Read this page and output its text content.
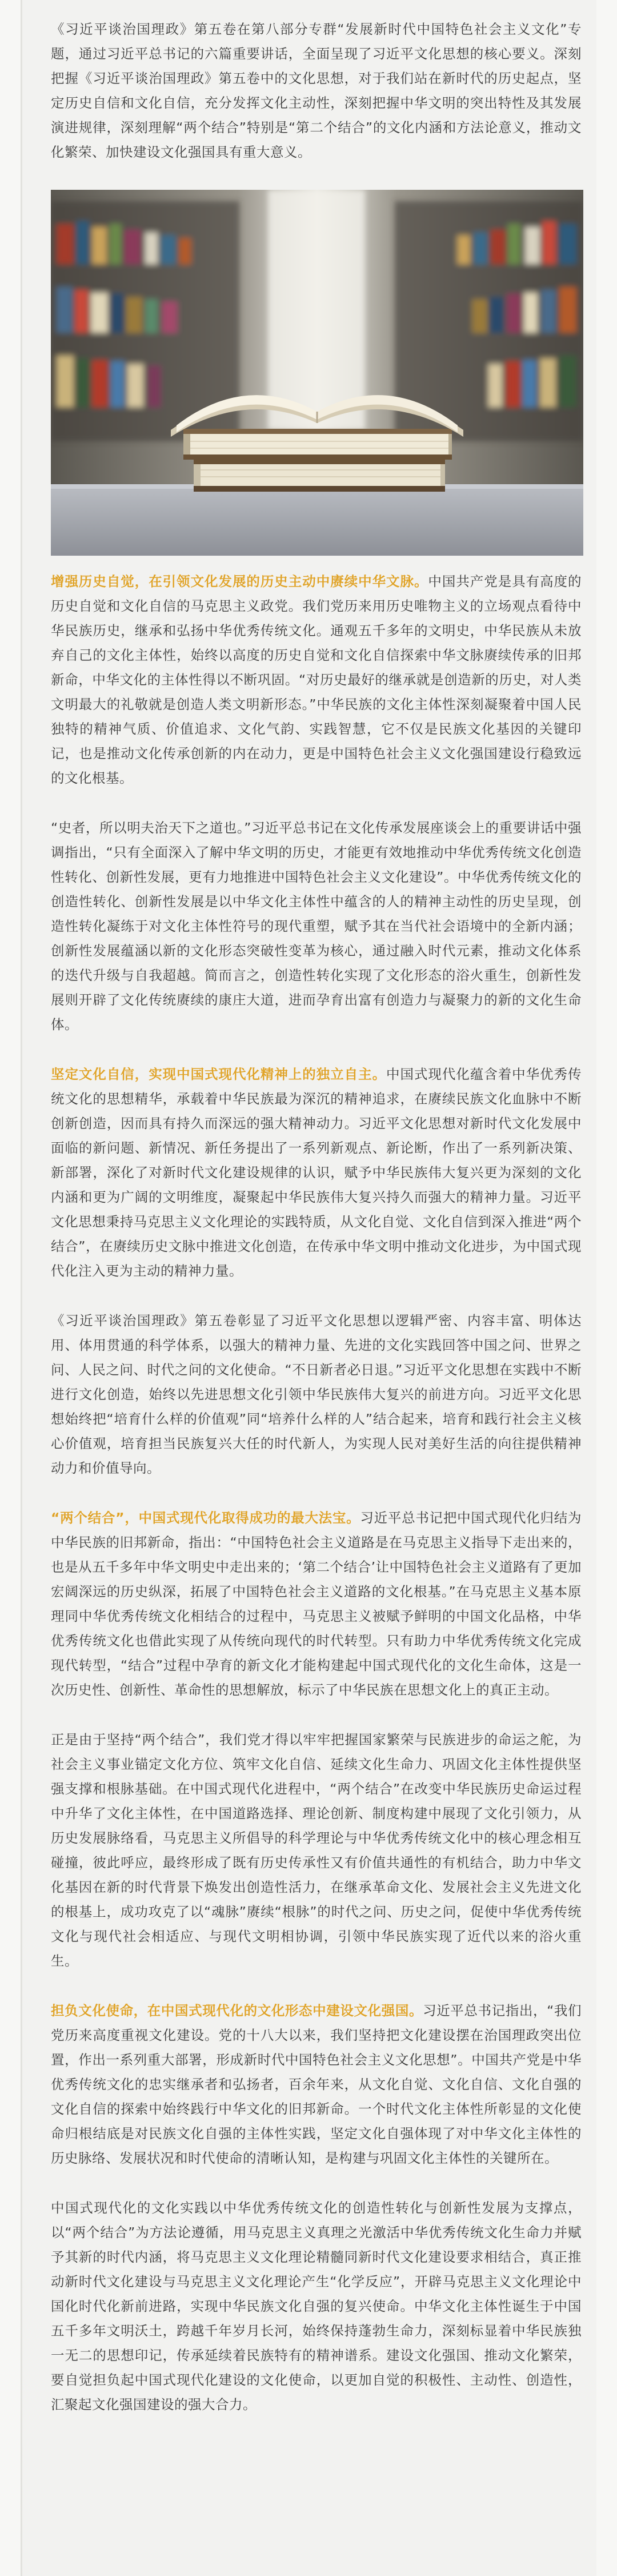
《习近平谈治国理政》第五卷在第八部分专群“发展新时代中国特色社会主义文化”专题，通过习近平总书记的六篇重要讲话，全面呈现了习近平文化思想的核心要义。深刻把握《习近平谈治国理政》第五卷中的文化思想，对于我们站在新时代的历史起点，坚定历史自信和文化自信，充分发挥文化主动性，深刻把握中华文明的突出特性及其发展演进规律，深刻理解“两个结合”特别是“第二个结合”的文化内涵和方法论意义，推动文化繁荣、加快建设文化强国具有重大意义。

增强历史自觉，在引领文化发展的历史主动中赓续中华文脉。中国共产党是具有高度的历史自觉和文化自信的马克思主义政党。我们党历来用历史唯物主义的立场观点看待中华民族历史，继承和弘扬中华优秀传统文化。通观五千多年的文明史，中华民族从未放弃自己的文化主体性，始终以高度的历史自觉和文化自信探索中华文脉赓续传承的旧邦新命，中华文化的主体性得以不断巩固。“对历史最好的继承就是创造新的历史，对人类文明最大的礼敬就是创造人类文明新形态。”中华民族的文化主体性深刻凝聚着中国人民独特的精神气质、价值追求、文化气韵、实践智慧，它不仅是民族文化基因的关键印记，也是推动文化传承创新的内在动力，更是中国特色社会主义文化强国建设行稳致远的文化根基。

“史者，所以明夫治天下之道也。”习近平总书记在文化传承发展座谈会上的重要讲话中强调指出，“只有全面深入了解中华文明的历史，才能更有效地推动中华优秀传统文化创造性转化、创新性发展，更有力地推进中国特色社会主义文化建设”。中华优秀传统文化的创造性转化、创新性发展是以中华文化主体性中蕴含的人的精神主动性的历史呈现，创造性转化凝练于对文化主体性符号的现代重塑，赋予其在当代社会语境中的全新内涵；创新性发展蕴涵以新的文化形态突破性变革为核心，通过融入时代元素，推动文化体系的迭代升级与自我超越。简而言之，创造性转化实现了文化形态的浴火重生，创新性发展则开辟了文化传统赓续的康庄大道，进而孕育出富有创造力与凝聚力的新的文化生命体。

坚定文化自信，实现中国式现代化精神上的独立自主。中国式现代化蕴含着中华优秀传统文化的思想精华，承载着中华民族最为深沉的精神追求，在赓续民族文化血脉中不断创新创造，因而具有持久而深远的强大精神动力。习近平文化思想对新时代文化发展中面临的新问题、新情况、新任务提出了一系列新观点、新论断，作出了一系列新决策、新部署，深化了对新时代文化建设规律的认识，赋予中华民族伟大复兴更为深刻的文化内涵和更为广阔的文明维度，凝聚起中华民族伟大复兴持久而强大的精神力量。习近平文化思想秉持马克思主义文化理论的实践特质，从文化自觉、文化自信到深入推进“两个结合”，在赓续历史文脉中推进文化创造，在传承中华文明中推动文化进步，为中国式现代化注入更为主动的精神力量。

《习近平谈治国理政》第五卷彰显了习近平文化思想以逻辑严密、内容丰富、明体达用、体用贯通的科学体系，以强大的精神力量、先进的文化实践回答中国之问、世界之问、人民之问、时代之问的文化使命。“不日新者必日退。”习近平文化思想在实践中不断进行文化创造，始终以先进思想文化引领中华民族伟大复兴的前进方向。习近平文化思想始终把“培育什么样的价值观”同“培养什么样的人”结合起来，培育和践行社会主义核心价值观，培育担当民族复兴大任的时代新人，为实现人民对美好生活的向往提供精神动力和价值导向。

“两个结合”，中国式现代化取得成功的最大法宝。习近平总书记把中国式现代化归结为中华民族的旧邦新命，指出：“中国特色社会主义道路是在马克思主义指导下走出来的，也是从五千多年中华文明史中走出来的；‘第二个结合’让中国特色社会主义道路有了更加宏阔深远的历史纵深，拓展了中国特色社会主义道路的文化根基。”在马克思主义基本原理同中华优秀传统文化相结合的过程中，马克思主义被赋予鲜明的中国文化品格，中华优秀传统文化也借此实现了从传统向现代的时代转型。只有助力中华优秀传统文化完成现代转型，“结合”过程中孕育的新文化才能构建起中国式现代化的文化生命体，这是一次历史性、创新性、革命性的思想解放，标示了中华民族在思想文化上的真正主动。

正是由于坚持“两个结合”，我们党才得以牢牢把握国家繁荣与民族进步的命运之舵，为社会主义事业锚定文化方位、筑牢文化自信、延续文化生命力、巩固文化主体性提供坚强支撑和根脉基础。在中国式现代化进程中，“两个结合”在改变中华民族历史命运过程中升华了文化主体性，在中国道路选择、理论创新、制度构建中展现了文化引领力，从历史发展脉络看，马克思主义所倡导的科学理论与中华优秀传统文化中的核心理念相互碰撞，彼此呼应，最终形成了既有历史传承性又有价值共通性的有机结合，助力中华文化基因在新的时代背景下焕发出创造性活力，在继承革命文化、发展社会主义先进文化的根基上，成功攻克了以“魂脉”赓续“根脉”的时代之问、历史之问，促使中华优秀传统文化与现代社会相适应、与现代文明相协调，引领中华民族实现了近代以来的浴火重生。

担负文化使命，在中国式现代化的文化形态中建设文化强国。习近平总书记指出，“我们党历来高度重视文化建设。党的十八大以来，我们坚持把文化建设摆在治国理政突出位置，作出一系列重大部署，形成新时代中国特色社会主义文化思想”。中国共产党是中华优秀传统文化的忠实继承者和弘扬者，百余年来，从文化自觉、文化自信、文化自强的文化自信的探索中始终践行中华文化的旧邦新命。一个时代文化主体性所彰显的文化使命归根结底是对民族文化自强的主体性实践，坚定文化自强体现了对中华文化主体性的历史脉络、发展状况和时代使命的清晰认知，是构建与巩固文化主体性的关键所在。

中国式现代化的文化实践以中华优秀传统文化的创造性转化与创新性发展为支撑点，以“两个结合”为方法论遵循，用马克思主义真理之光激活中华优秀传统文化生命力并赋予其新的时代内涵，将马克思主义文化理论精髓同新时代文化建设要求相结合，真正推动新时代文化建设与马克思主义文化理论产生“化学反应”，开辟马克思主义文化理论中国化时代化新前进路，实现中华民族文化自强的复兴使命。中华文化主体性诞生于中国五千多年文明沃土，跨越千年岁月长河，始终保持蓬勃生命力，深刻标显着中华民族独一无二的思想印记，传承延续着民族特有的精神谱系。建设文化强国、推动文化繁荣，要自觉担负起中国式现代化建设的文化使命，以更加自觉的积极性、主动性、创造性，汇聚起文化强国建设的强大合力。
